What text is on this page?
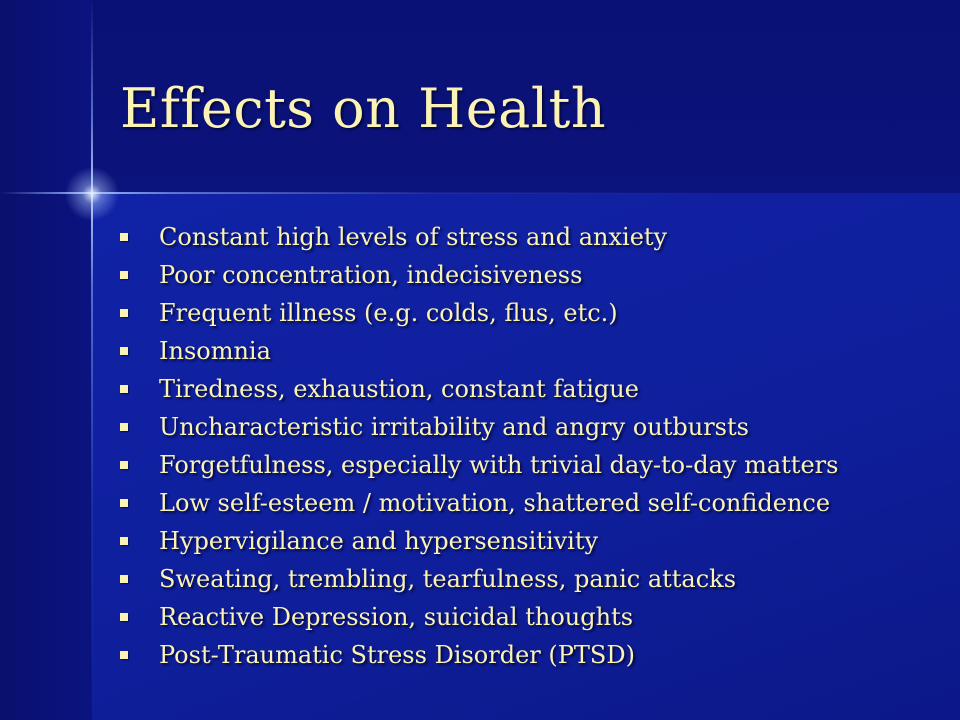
Effects on Health
Constant high levels of stress and anxiety
Poor concentration, indecisiveness
Frequent illness (e.g. colds, flus, etc.)
Insomnia
Tiredness, exhaustion, constant fatigue
Uncharacteristic irritability and angry outbursts
Forgetfulness, especially with trivial day-to-day matters
Low self-esteem / motivation, shattered self-confidence
Hypervigilance and hypersensitivity
Sweating, trembling, tearfulness, panic attacks
Reactive Depression, suicidal thoughts
Post-Traumatic Stress Disorder (PTSD)
